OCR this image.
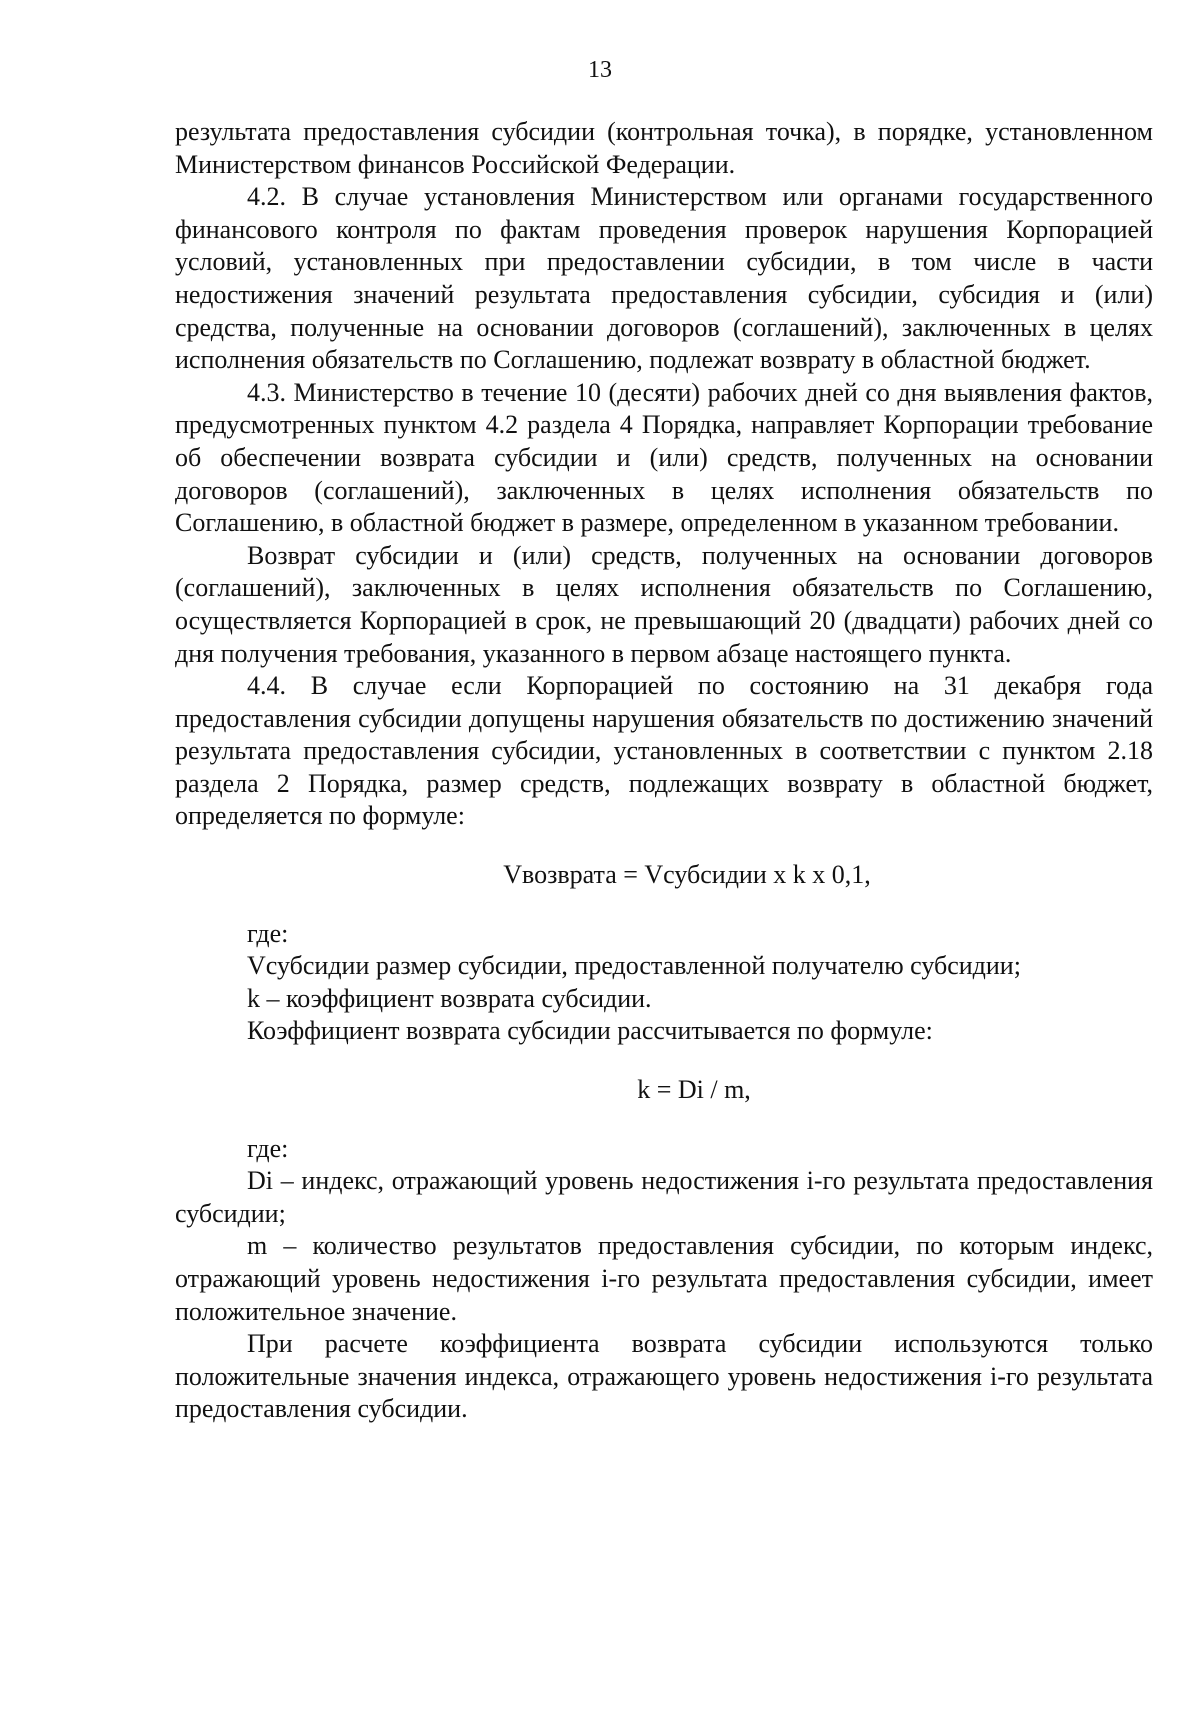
13

результата предоставления субсидии (контрольная точка), в порядке, установленном Министерством финансов Российской Федерации.

4.2. В случае установления Министерством или органами государственного финансового контроля по фактам проведения проверок нарушения Корпорацией условий, установленных при предоставлении субсидии, в том числе в части недостижения значений результата предоставления субсидии, субсидия и (или) средства, полученные на основании договоров (соглашений), заключенных в целях исполнения обязательств по Соглашению, подлежат возврату в областной бюджет.

4.3. Министерство в течение 10 (десяти) рабочих дней со дня выявления фактов, предусмотренных пунктом 4.2 раздела 4 Порядка, направляет Корпорации требование об обеспечении возврата субсидии и (или) средств, полученных на основании договоров (соглашений), заключенных в целях исполнения обязательств по Соглашению, в областной бюджет в размере, определенном в указанном требовании.

Возврат субсидии и (или) средств, полученных на основании договоров (соглашений), заключенных в целях исполнения обязательств по Соглашению, осуществляется Корпорацией в срок, не превышающий 20 (двадцати) рабочих дней со дня получения требования, указанного в первом абзаце настоящего пункта.

4.4. В случае если Корпорацией по состоянию на 31 декабря года предоставления субсидии допущены нарушения обязательств по достижению значений результата предоставления субсидии, установленных в соответствии с пунктом 2.18 раздела 2 Порядка, размер средств, подлежащих возврату в областной бюджет, определяется по формуле:

Vвозврата = Vсубсидии х k х 0,1,

где:

Vсубсидии размер субсидии, предоставленной получателю субсидии;

k – коэффициент возврата субсидии.

Коэффициент возврата субсидии рассчитывается по формуле:

k = Di / m,

где:

Di – индекс, отражающий уровень недостижения i-го результата предоставления субсидии;

m – количество результатов предоставления субсидии, по которым индекс, отражающий уровень недостижения i-го результата предоставления субсидии, имеет положительное значение.

При расчете коэффициента возврата субсидии используются только положительные значения индекса, отражающего уровень недостижения i-го результата предоставления субсидии.
